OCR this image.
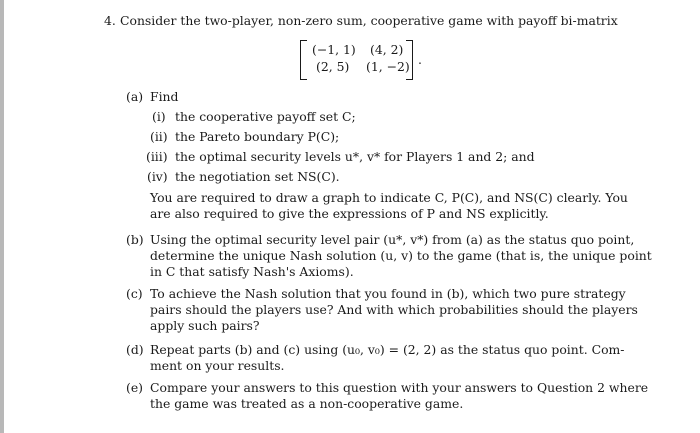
4. Consider the two-player, non-zero sum, cooperative game with payoff bi-matrix
(−1, 1) (4, 2)
(2, 5) (1, −2) .
(a) Find
(i) the cooperative payoff set C;
(ii) the Pareto boundary P(C);
(iii) the optimal security levels u*, v* for Players 1 and 2; and
(iv) the negotiation set NS(C).
You are required to draw a graph to indicate C, P(C), and NS(C) clearly. You
are also required to give the expressions of P and NS explicitly.
(b) Using the optimal security level pair (u*, v*) from (a) as the status quo point,
determine the unique Nash solution (u, v) to the game (that is, the unique point
in C that satisfy Nash's Axioms).
(c) To achieve the Nash solution that you found in (b), which two pure strategy
pairs should the players use? And with which probabilities should the players
apply such pairs?
(d) Repeat parts (b) and (c) using (u₀, v₀) = (2, 2) as the status quo point. Com-
ment on your results.
(e) Compare your answers to this question with your answers to Question 2 where
the game was treated as a non-cooperative game.
